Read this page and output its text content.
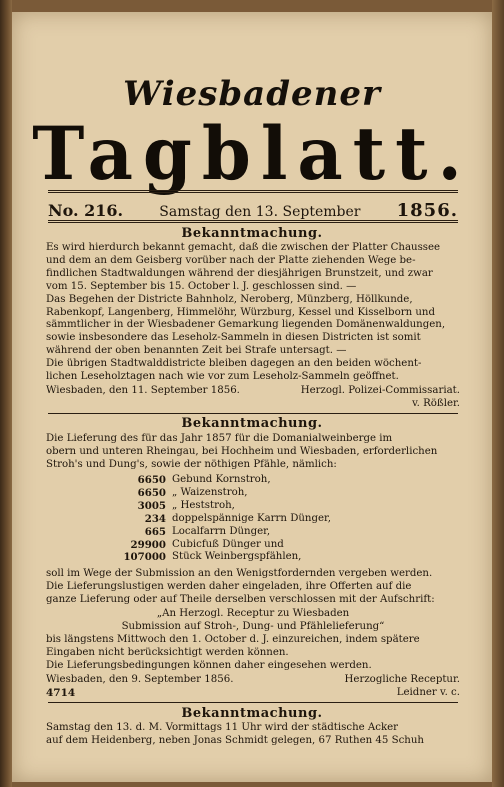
Wiesbadener
Tagblatt.
No. 216.	Samstag den 13. September 1856.
Bekanntmachung.
Es wird hierdurch bekannt gemacht, daß die zwischen der Platter Chaussee
und dem an dem Geisberg vorüber nach der Platte ziehenden Wege be-
findlichen Stadtwaldungen während der diesjährigen Brunstzeit, und zwar
vom 15. September bis 15. October l. J. geschlossen sind. —
Das Begehen der Districte Bahnholz, Neroberg, Münzberg, Höllkunde,
Rabenkopf, Langenberg, Himmelöhr, Würzburg, Kessel und Kisselborn und
sämmtlicher in der Wiesbadener Gemarkung liegenden Domänenwaldungen,
sowie insbesondere das Leseholz-Sammeln in diesen Districten ist somit
während der oben benannten Zeit bei Strafe untersagt. —
Die übrigen Stadtwalddistricte bleiben dagegen an den beiden wöchent-
lichen Leseholztagen nach wie vor zum Leseholz-Sammeln geöffnet.
Wiesbaden, den 11. September 1856.	Herzogl. Polizei-Commissariat.
v. Rößler.
Bekanntmachung.
Die Lieferung des für das Jahr 1857 für die Domanialweinberge im
obern und unteren Rheingau, bei Hochheim und Wiesbaden, erforderlichen
Stroh's und Dung's, sowie der nöthigen Pfähle, nämlich:
6650 Gebund Kornstroh,
6650 „ Waizenstroh,
3005 „ Heststroh,
234 doppelspännige Karrn Dünger,
665 Localfarrn Dünger,
29900 Cubicfuß Dünger und
107000 Stück Weinbergspfählen,
soll im Wege der Submission an den Wenigstfordernden vergeben werden.
Die Lieferungslustigen werden daher eingeladen, ihre Offerten auf die
ganze Lieferung oder auf Theile derselben verschlossen mit der Aufschrift:
„An Herzogl. Receptur zu Wiesbaden
Submission auf Stroh-, Dung- und Pfählelieferung“
bis längstens Mittwoch den 1. October d. J. einzureichen, indem spätere
Eingaben nicht berücksichtigt werden können.
Die Lieferungsbedingungen können daher eingesehen werden.
Wiesbaden, den 9. September 1856.	Herzogliche Receptur.
4714	Leidner v. c.
Bekanntmachung.
Samstag den 13. d. M. Vormittags 11 Uhr wird der städtische Acker
auf dem Heidenberg, neben Jonas Schmidt gelegen, 67 Ruthen 45 Schuh
